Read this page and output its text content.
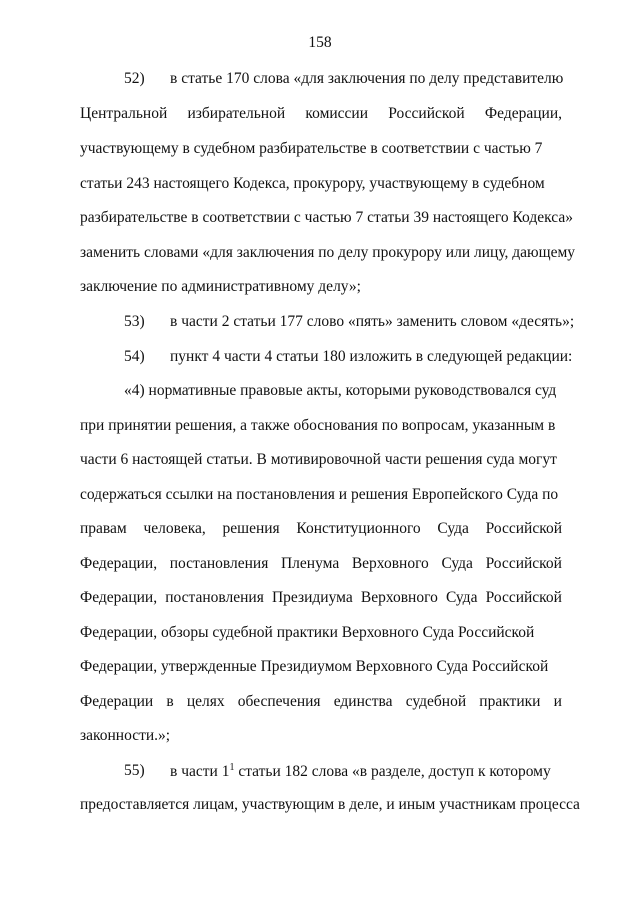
158
52) в статье 170 слова «для заключения по делу представителю
Центральной избирательной комиссии Российской Федерации,
участвующему в судебном разбирательстве в соответствии с частью 7
статьи 243 настоящего Кодекса, прокурору, участвующему в судебном
разбирательстве в соответствии с частью 7 статьи 39 настоящего Кодекса»
заменить словами «для заключения по делу прокурору или лицу, дающему
заключение по административному делу»;
53) в части 2 статьи 177 слово «пять» заменить словом «десять»;
54) пункт 4 части 4 статьи 180 изложить в следующей редакции:
«4) нормативные правовые акты, которыми руководствовался суд
при принятии решения, а также обоснования по вопросам, указанным в
части 6 настоящей статьи. В мотивировочной части решения суда могут
содержаться ссылки на постановления и решения Европейского Суда по
правам человека, решения Конституционного Суда Российской
Федерации, постановления Пленума Верховного Суда Российской
Федерации, постановления Президиума Верховного Суда Российской
Федерации, обзоры судебной практики Верховного Суда Российской
Федерации, утвержденные Президиумом Верховного Суда Российской
Федерации в целях обеспечения единства судебной практики и
законности.»;
55) в части $1^1$ статьи 182 слова «в разделе, доступ к которому
предоставляется лицам, участвующим в деле, и иным участникам процесса
